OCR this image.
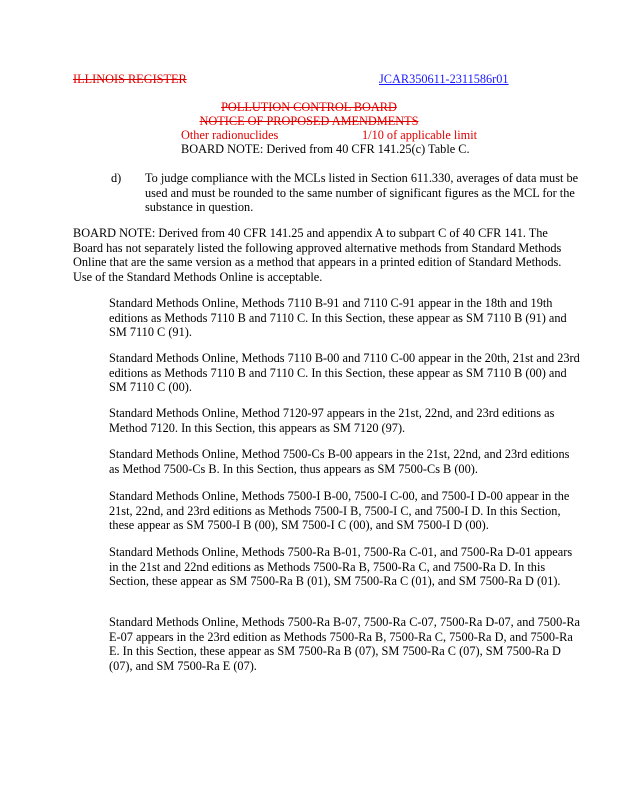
ILLINOIS REGISTER	JCAR350611-2311586r01
POLLUTION CONTROL BOARD
NOTICE OF PROPOSED AMENDMENTS
Other radionuclides	1/10 of applicable limit
BOARD NOTE: Derived from 40 CFR 141.25(c) Table C.
d) To judge compliance with the MCLs listed in Section 611.330, averages of data must be used and must be rounded to the same number of significant figures as the MCL for the substance in question.

BOARD NOTE: Derived from 40 CFR 141.25 and appendix A to subpart C of 40 CFR 141. The Board has not separately listed the following approved alternative methods from Standard Methods Online that are the same version as a method that appears in a printed edition of Standard Methods. Use of the Standard Methods Online is acceptable.

Standard Methods Online, Methods 7110 B-91 and 7110 C-91 appear in the 18th and 19th editions as Methods 7110 B and 7110 C. In this Section, these appear as SM 7110 B (91) and SM 7110 C (91).

Standard Methods Online, Methods 7110 B-00 and 7110 C-00 appear in the 20th, 21st and 23rd editions as Methods 7110 B and 7110 C. In this Section, these appear as SM 7110 B (00) and SM 7110 C (00).

Standard Methods Online, Method 7120-97 appears in the 21st, 22nd, and 23rd editions as Method 7120. In this Section, this appears as SM 7120 (97).

Standard Methods Online, Method 7500-Cs B-00 appears in the 21st, 22nd, and 23rd editions as Method 7500-Cs B. In this Section, thus appears as SM 7500-Cs B (00).

Standard Methods Online, Methods 7500-I B-00, 7500-I C-00, and 7500-I D-00 appear in the 21st, 22nd, and 23rd editions as Methods 7500-I B, 7500-I C, and 7500-I D. In this Section, these appear as SM 7500-I B (00), SM 7500-I C (00), and SM 7500-I D (00).

Standard Methods Online, Methods 7500-Ra B-01, 7500-Ra C-01, and 7500-Ra D-01 appears in the 21st and 22nd editions as Methods 7500-Ra B, 7500-Ra C, and 7500-Ra D. In this Section, these appear as SM 7500-Ra B (01), SM 7500-Ra C (01), and SM 7500-Ra D (01).

Standard Methods Online, Methods 7500-Ra B-07, 7500-Ra C-07, 7500-Ra D-07, and 7500-Ra E-07 appears in the 23rd edition as Methods 7500-Ra B, 7500-Ra C, 7500-Ra D, and 7500-Ra E. In this Section, these appear as SM 7500-Ra B (07), SM 7500-Ra C (07), SM 7500-Ra D (07), and SM 7500-Ra E (07).
